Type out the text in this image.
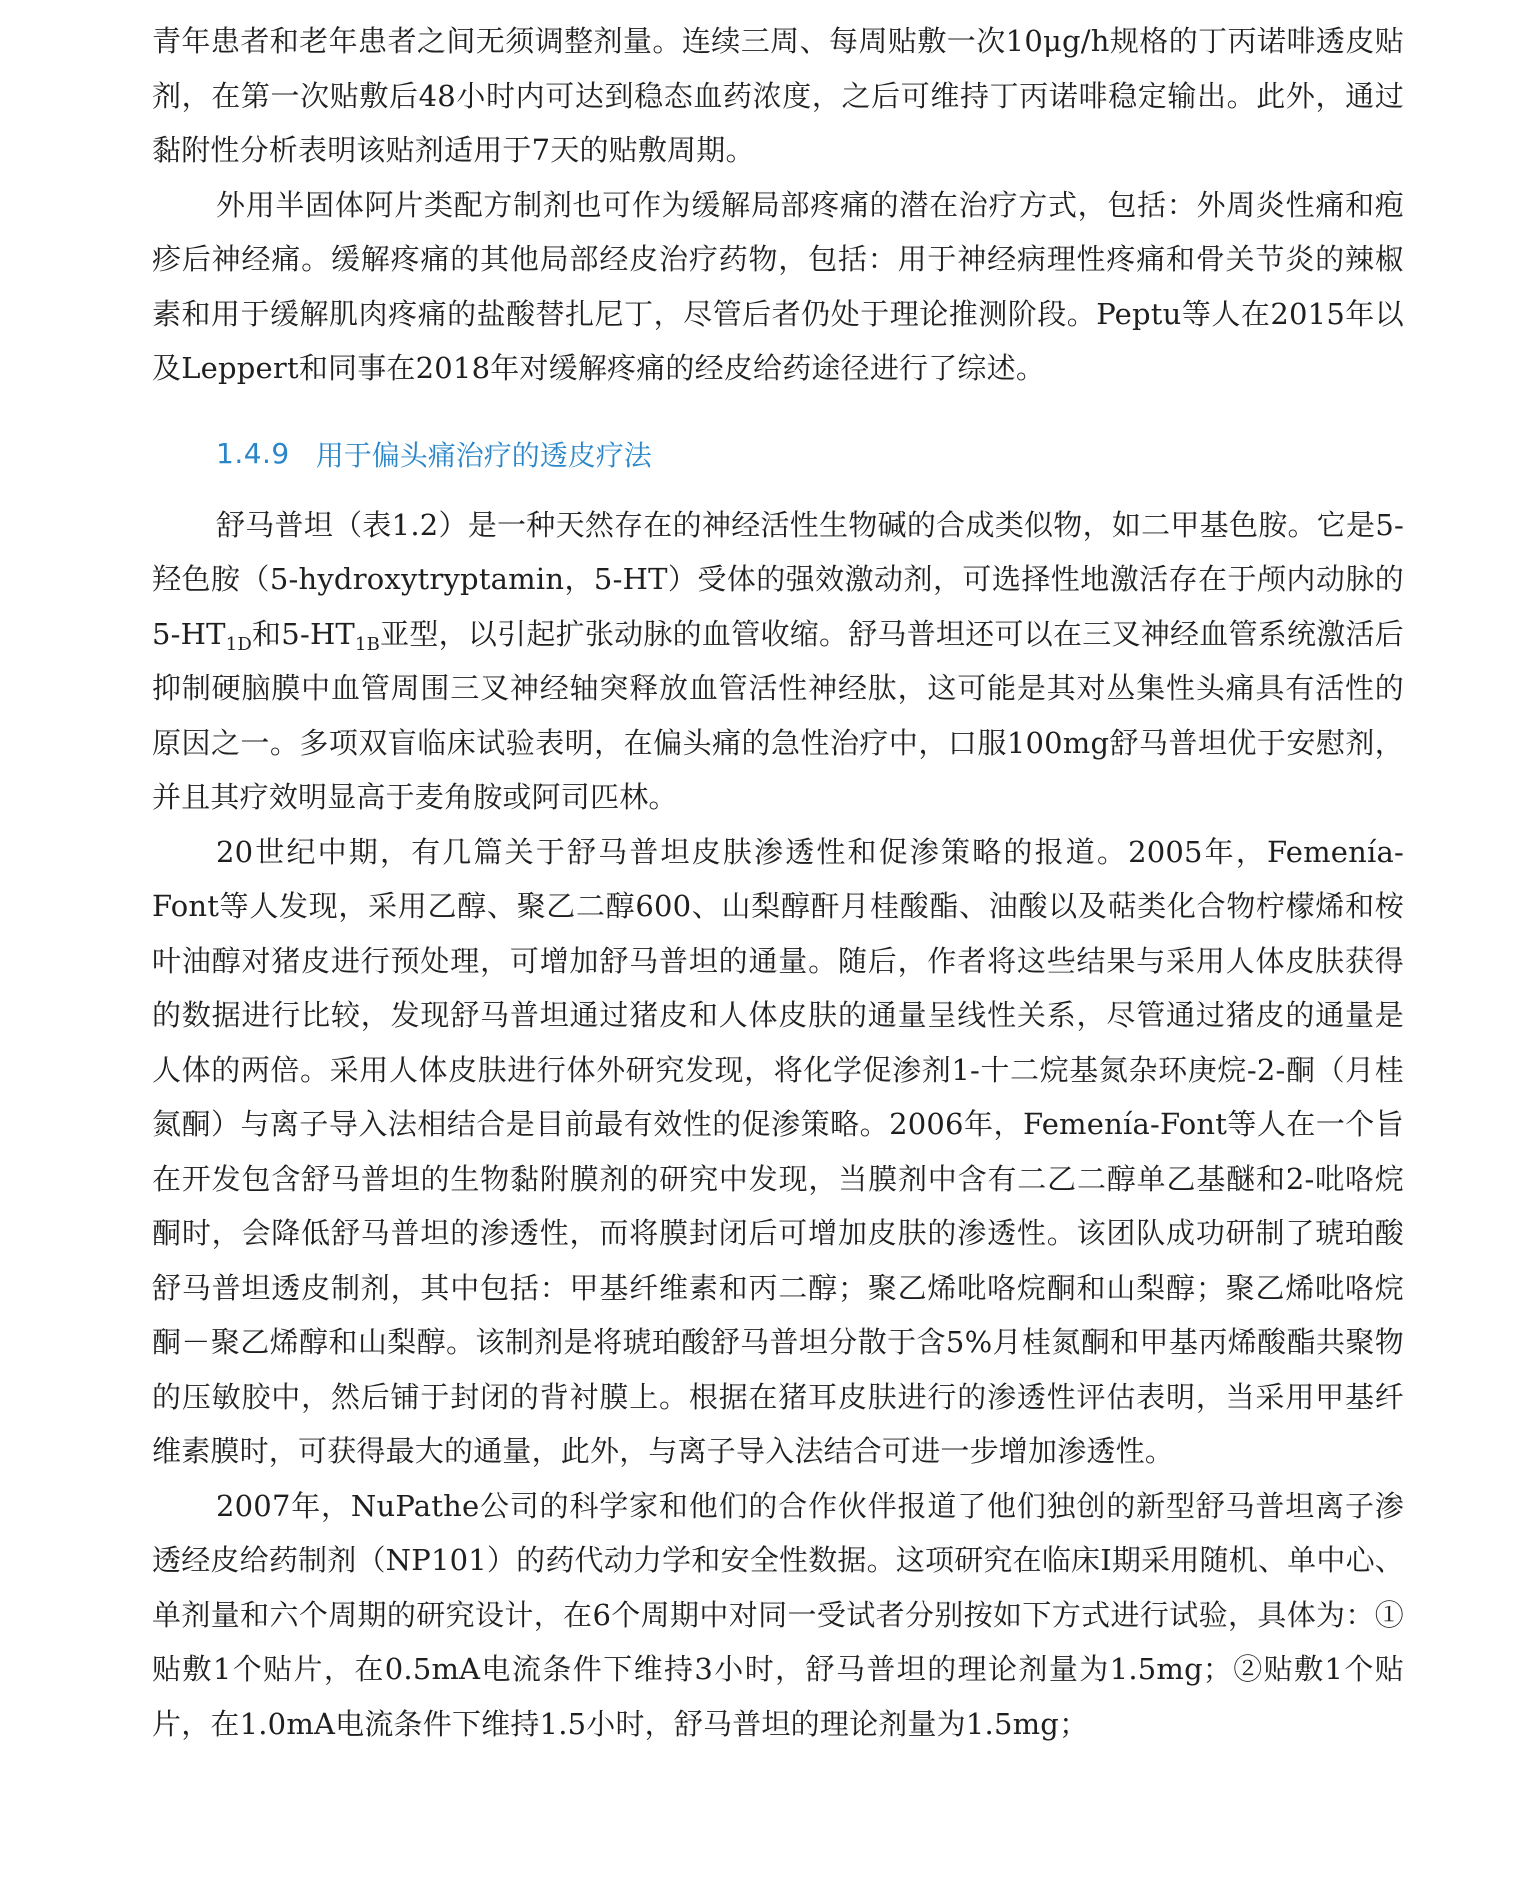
青年患者和老年患者之间无须调整剂量。连续三周、每周贴敷一次10μg/h规格的丁丙诺啡透皮贴剂，在第一次贴敷后48小时内可达到稳态血药浓度，之后可维持丁丙诺啡稳定输出。此外，通过黏附性分析表明该贴剂适用于7天的贴敷周期。

外用半固体阿片类配方制剂也可作为缓解局部疼痛的潜在治疗方式，包括：外周炎性痛和疱疹后神经痛。缓解疼痛的其他局部经皮治疗药物，包括：用于神经病理性疼痛和骨关节炎的辣椒素和用于缓解肌肉疼痛的盐酸替扎尼丁，尽管后者仍处于理论推测阶段。Peptu等人在2015年以及Leppert和同事在2018年对缓解疼痛的经皮给药途径进行了综述。

1.4.9 用于偏头痛治疗的透皮疗法

舒马普坦（表1.2）是一种天然存在的神经活性生物碱的合成类似物，如二甲基色胺。它是5-羟色胺（5-hydroxytryptamin，5-HT）受体的强效激动剂，可选择性地激活存在于颅内动脉的$5-HT_{1D}$和$5-HT_{1B}$亚型，以引起扩张动脉的血管收缩。舒马普坦还可以在三叉神经血管系统激活后抑制硬脑膜中血管周围三叉神经轴突释放血管活性神经肽，这可能是其对丛集性头痛具有活性的原因之一。多项双盲临床试验表明，在偏头痛的急性治疗中，口服100mg舒马普坦优于安慰剂，并且其疗效明显高于麦角胺或阿司匹林。

20世纪中期，有几篇关于舒马普坦皮肤渗透性和促渗策略的报道。2005年，Femenía-Font等人发现，采用乙醇、聚乙二醇600、山梨醇酐月桂酸酯、油酸以及萜类化合物柠檬烯和桉叶油醇对猪皮进行预处理，可增加舒马普坦的通量。随后，作者将这些结果与采用人体皮肤获得的数据进行比较，发现舒马普坦通过猪皮和人体皮肤的通量呈线性关系，尽管通过猪皮的通量是人体的两倍。采用人体皮肤进行体外研究发现，将化学促渗剂1-十二烷基氮杂环庚烷-2-酮（月桂氮酮）与离子导入法相结合是目前最有效性的促渗策略。2006年，Femenía-Font等人在一个旨在开发包含舒马普坦的生物黏附膜剂的研究中发现，当膜剂中含有二乙二醇单乙基醚和2-吡咯烷酮时，会降低舒马普坦的渗透性，而将膜封闭后可增加皮肤的渗透性。该团队成功研制了琥珀酸舒马普坦透皮制剂，其中包括：甲基纤维素和丙二醇；聚乙烯吡咯烷酮和山梨醇；聚乙烯吡咯烷酮－聚乙烯醇和山梨醇。该制剂是将琥珀酸舒马普坦分散于含5%月桂氮酮和甲基丙烯酸酯共聚物的压敏胶中，然后铺于封闭的背衬膜上。根据在猪耳皮肤进行的渗透性评估表明，当采用甲基纤维素膜时，可获得最大的通量，此外，与离子导入法结合可进一步增加渗透性。

2007年，NuPathe公司的科学家和他们的合作伙伴报道了他们独创的新型舒马普坦离子渗透经皮给药制剂（NP101）的药代动力学和安全性数据。这项研究在临床Ⅰ期采用随机、单中心、单剂量和六个周期的研究设计，在6个周期中对同一受试者分别按如下方式进行试验，具体为：①贴敷1个贴片，在0.5mA电流条件下维持3小时，舒马普坦的理论剂量为1.5mg；②贴敷1个贴片，在1.0mA电流条件下维持1.5小时，舒马普坦的理论剂量为1.5mg；
